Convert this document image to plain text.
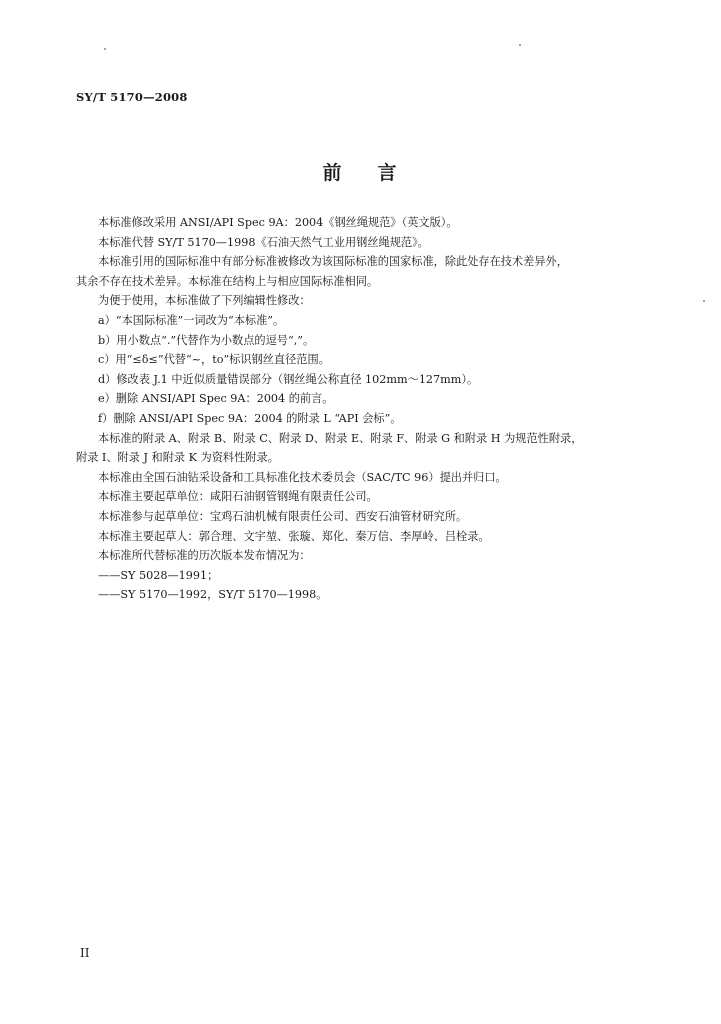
SY/T 5170—2008
前 言

本标准修改采用 ANSI/API Spec 9A：2004《钢丝绳规范》（英文版）。

本标准代替 SY/T 5170—1998《石油天然气工业用钢丝绳规范》。

本标准引用的国际标准中有部分标准被修改为该国际标准的国家标准，除此处存在技术差异外，

其余不存在技术差异。本标准在结构上与相应国际标准相同。

为便于使用，本标准做了下列编辑性修改：

a）“本国际标准”一词改为“本标准”。

b）用小数点“.”代替作为小数点的逗号“,”。

c）用“≤δ≤”代替“~，to”标识钢丝直径范围。

d）修改表 J.1 中近似质量错误部分（钢丝绳公称直径 102mm～127mm）。

e）删除 ANSI/API Spec 9A：2004 的前言。

f）删除 ANSI/API Spec 9A：2004 的附录 L “API 会标”。

本标准的附录 A、附录 B、附录 C、附录 D、附录 E、附录 F、附录 G 和附录 H 为规范性附录，

附录 I、附录 J 和附录 K 为资料性附录。

本标准由全国石油钻采设备和工具标准化技术委员会（SAC/TC 96）提出并归口。

本标准主要起草单位：咸阳石油钢管钢绳有限责任公司。

本标准参与起草单位：宝鸡石油机械有限责任公司、西安石油管材研究所。

本标准主要起草人：郭合理、文宇堃、张璇、郑化、秦万信、李厚岭、吕栓录。

本标准所代替标准的历次版本发布情况为：

——SY 5028—1991；

——SY 5170—1992，SY/T 5170—1998。

II
